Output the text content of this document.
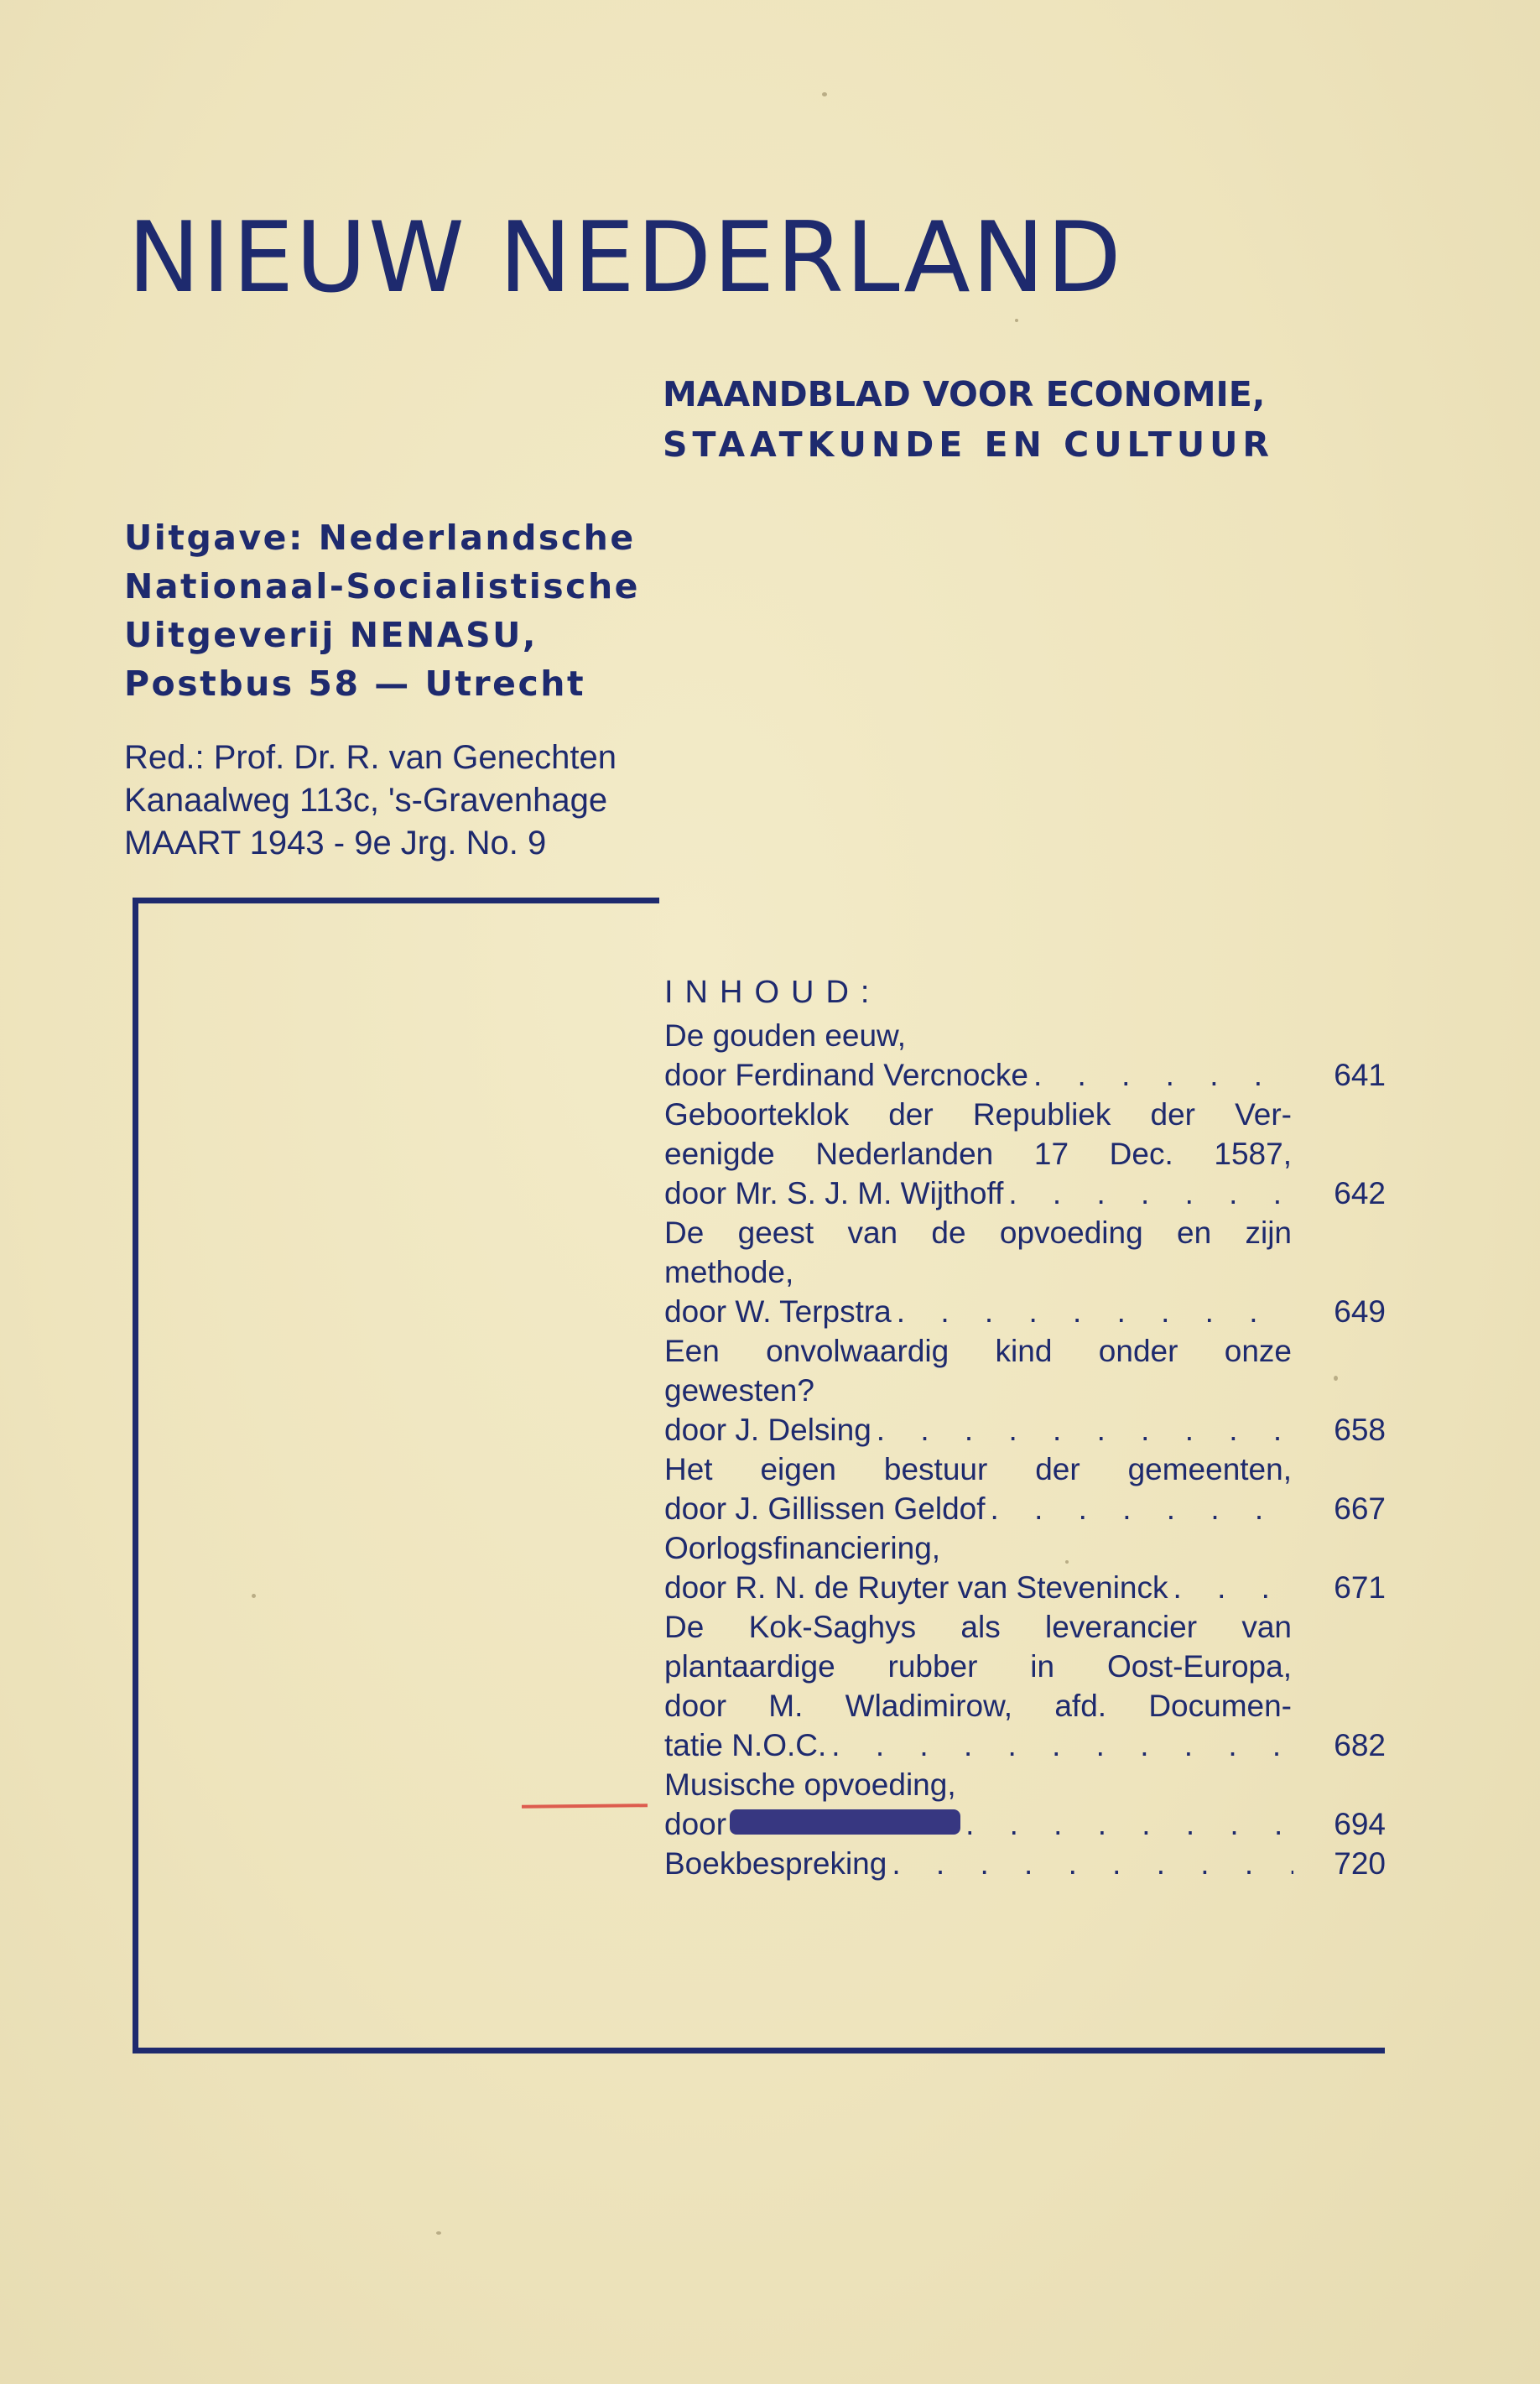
NIEUW NEDERLAND
MAANDBLAD VOOR ECONOMIE,
STAATKUNDE EN CULTUUR
Uitgave: Nederlandsche
Nationaal-Socialistische
Uitgeverij NENASU,
Postbus 58 — Utrecht
Red.: Prof. Dr. R. van Genechten
Kanaalweg 113c, 's-Gravenhage
MAART 1943 - 9e Jrg. No. 9
INHOUD:
De gouden eeuw,
door Ferdinand Vercnocke . . .	641
Geboorteklok der Republiek der Ver-
eenigde Nederlanden 17 Dec. 1587,
door Mr. S. J. M. Wijthoff . . .	642
De geest van de opvoeding en zijn
methode,
door W. Terpstra . . .	649
Een onvolwaardig kind onder onze
gewesten?
door J. Delsing . . .	658
Het eigen bestuur der gemeenten,
door J. Gillissen Geldof . . .	667
Oorlogsfinanciering,
door R. N. de Ruyter van Steveninck . . .	671
De Kok-Saghys als leverancier van
plantaardige rubber in Oost-Europa,
door M. Wladimirow, afd. Documen-
tatie N.O.C. . . .	682
Musische opvoeding,
door . . .	694
Boekbespreking . . .	720
